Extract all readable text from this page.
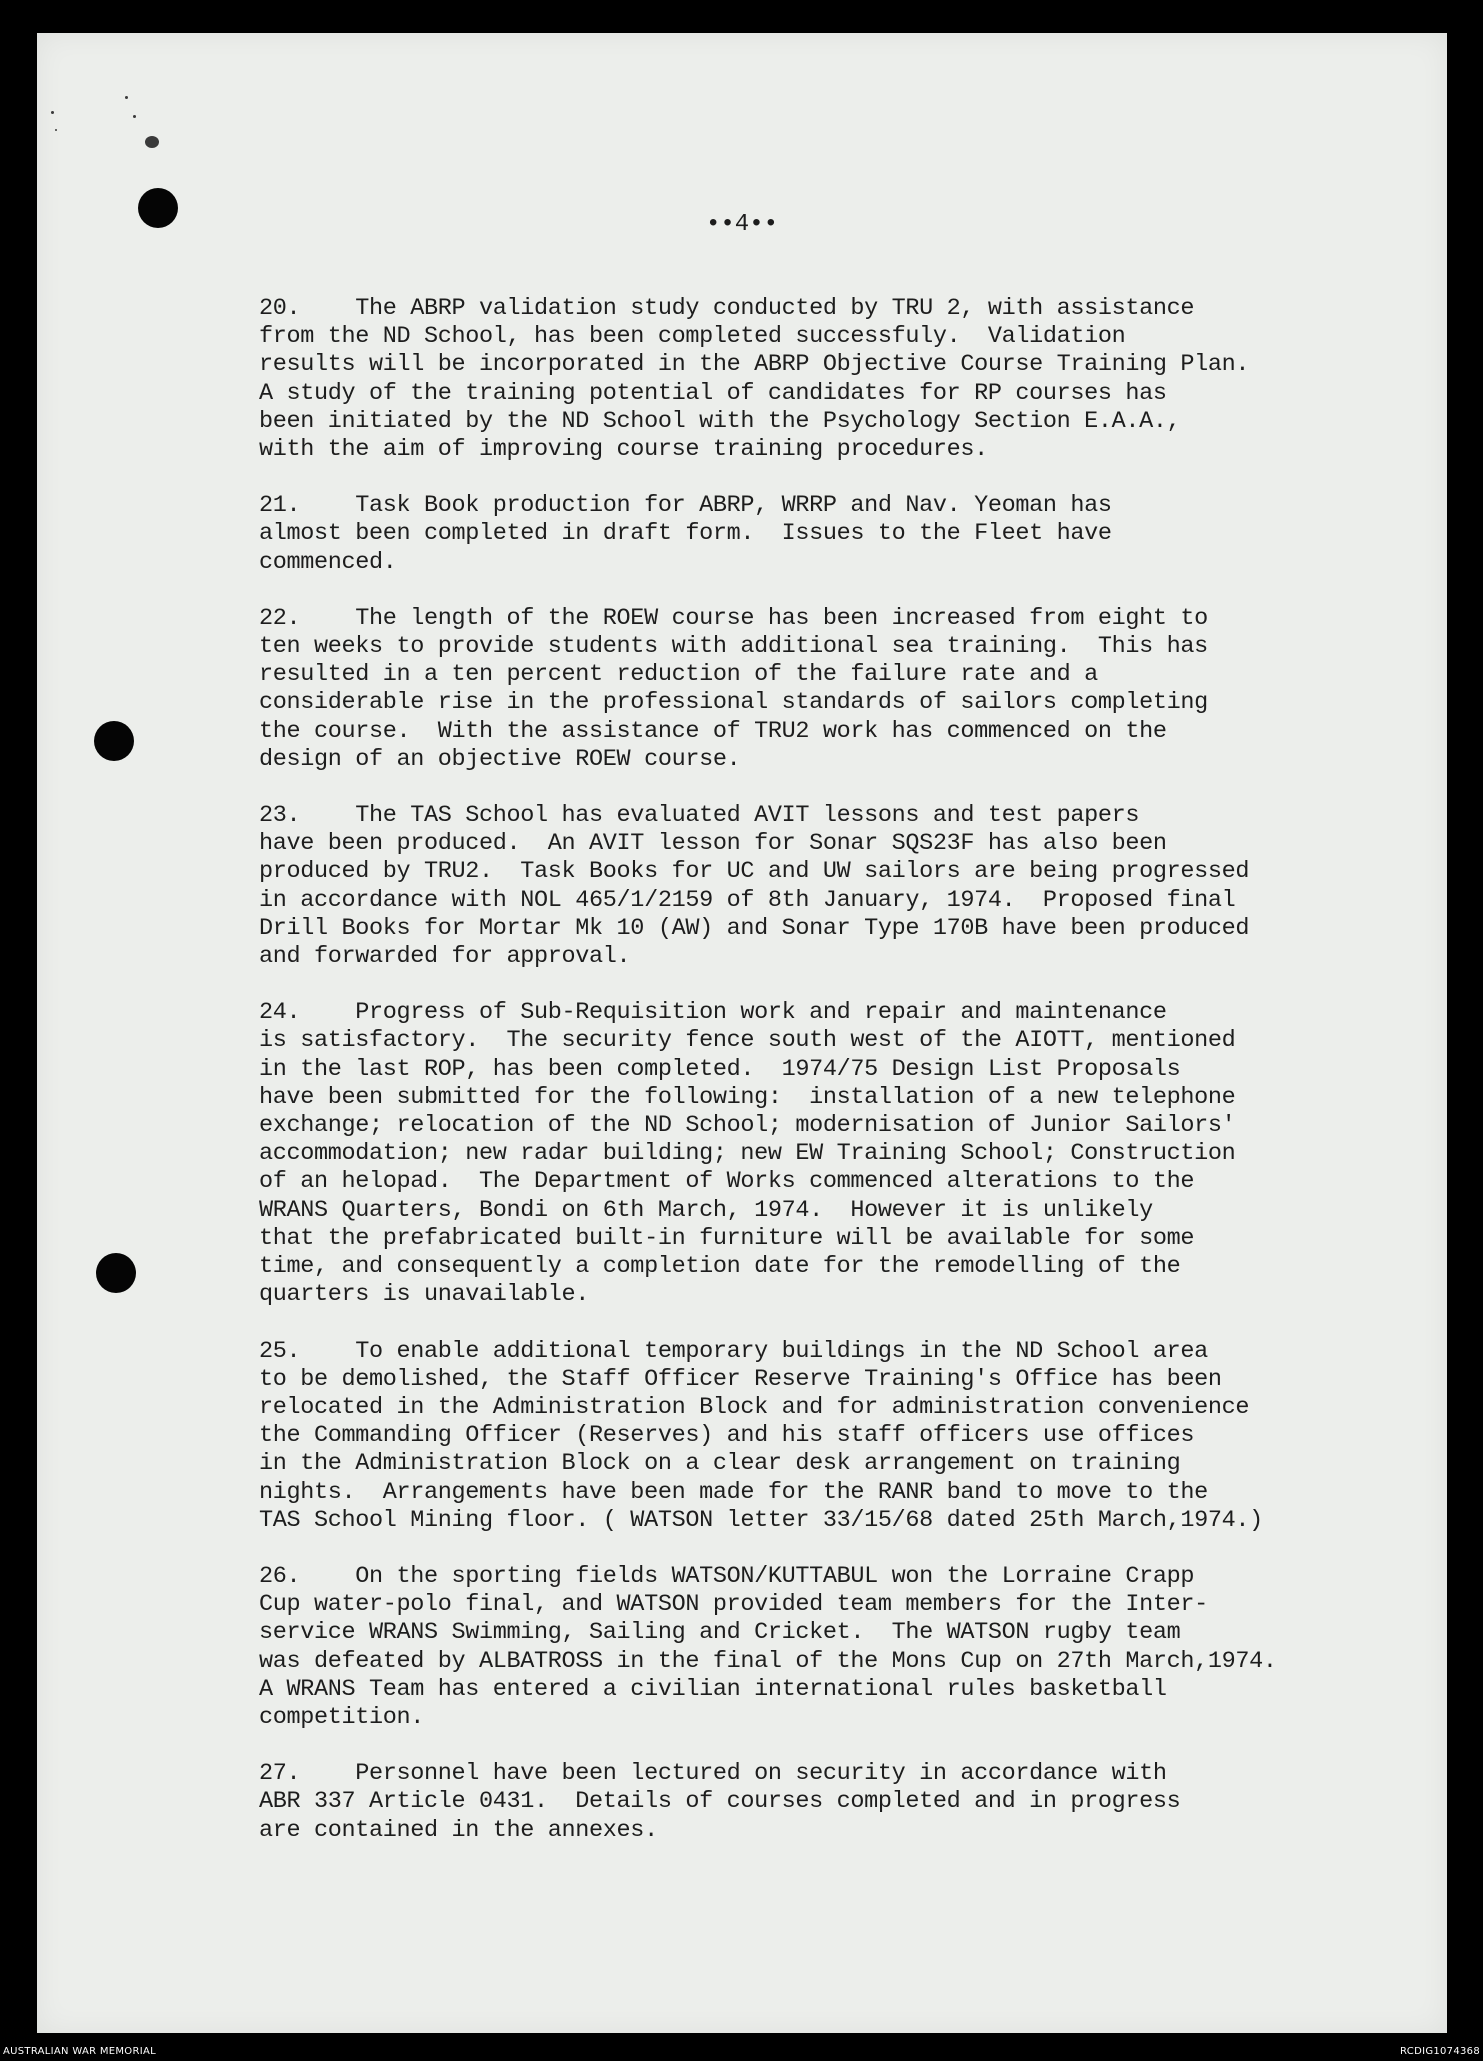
••4••

20.    The ABRP validation study conducted by TRU 2, with assistance
from the ND School, has been completed successfuly.  Validation
results will be incorporated in the ABRP Objective Course Training Plan.
A study of the training potential of candidates for RP courses has
been initiated by the ND School with the Psychology Section E.A.A.,
with the aim of improving course training procedures.

21.    Task Book production for ABRP, WRRP and Nav. Yeoman has
almost been completed in draft form.  Issues to the Fleet have
commenced.

22.    The length of the ROEW course has been increased from eight to
ten weeks to provide students with additional sea training.  This has
resulted in a ten percent reduction of the failure rate and a
considerable rise in the professional standards of sailors completing
the course.  With the assistance of TRU2 work has commenced on the
design of an objective ROEW course.

23.    The TAS School has evaluated AVIT lessons and test papers
have been produced.  An AVIT lesson for Sonar SQS23F has also been
produced by TRU2.  Task Books for UC and UW sailors are being progressed
in accordance with NOL 465/1/2159 of 8th January, 1974.  Proposed final
Drill Books for Mortar Mk 10 (AW) and Sonar Type 170B have been produced
and forwarded for approval.

24.    Progress of Sub-Requisition work and repair and maintenance
is satisfactory.  The security fence south west of the AIOTT, mentioned
in the last ROP, has been completed.  1974/75 Design List Proposals
have been submitted for the following:  installation of a new telephone
exchange; relocation of the ND School; modernisation of Junior Sailors'
accommodation; new radar building; new EW Training School; Construction
of an helopad.  The Department of Works commenced alterations to the
WRANS Quarters, Bondi on 6th March, 1974.  However it is unlikely
that the prefabricated built-in furniture will be available for some
time, and consequently a completion date for the remodelling of the
quarters is unavailable.

25.    To enable additional temporary buildings in the ND School area
to be demolished, the Staff Officer Reserve Training's Office has been
relocated in the Administration Block and for administration convenience
the Commanding Officer (Reserves) and his staff officers use offices
in the Administration Block on a clear desk arrangement on training
nights.  Arrangements have been made for the RANR band to move to the
TAS School Mining floor. ( WATSON letter 33/15/68 dated 25th March,1974.)

26.    On the sporting fields WATSON/KUTTABUL won the Lorraine Crapp
Cup water-polo final, and WATSON provided team members for the Inter-
service WRANS Swimming, Sailing and Cricket.  The WATSON rugby team
was defeated by ALBATROSS in the final of the Mons Cup on 27th March,1974.
A WRANS Team has entered a civilian international rules basketball
competition.

27.    Personnel have been lectured on security in accordance with
ABR 337 Article 0431.  Details of courses completed and in progress
are contained in the annexes.

AUSTRALIAN WAR MEMORIAL	RCDIG1074368
